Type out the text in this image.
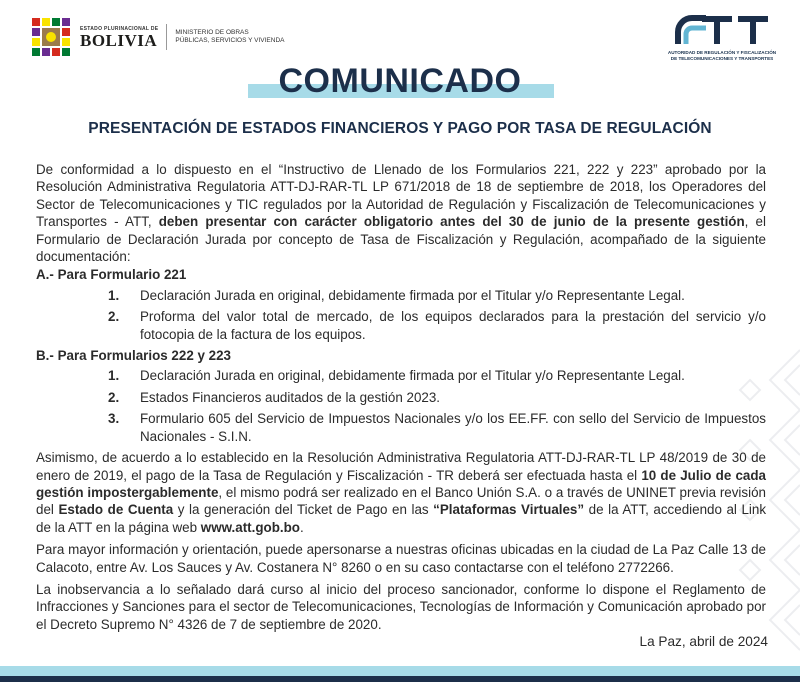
ESTADO PLURINACIONAL DE
BOLIVIA	MINISTERIO DE OBRAS
PÚBLICAS, SERVICIOS Y VIVIENDA
AUTORIDAD DE REGULACIÓN Y FISCALIZACIÓN
DE TELECOMUNICACIONES Y TRANSPORTES
COMUNICADO
PRESENTACIÓN DE ESTADOS FINANCIEROS Y PAGO POR TASA DE REGULACIÓN

De conformidad a lo dispuesto en el “Instructivo de Llenado de los Formularios 221, 222 y 223” aprobado por la Resolución Administrativa Regulatoria ATT-DJ-RAR-TL LP 671/2018 de 18 de septiembre de 2018, los Operadores del Sector de Telecomunicaciones y TIC regulados por la Autoridad de Regulación y Fiscalización de Telecomunicaciones y Transportes - ATT, deben presentar con carácter obligatorio antes del 30 de junio de la presente gestión, el Formulario de Declaración Jurada por concepto de Tasa de Fiscalización y Regulación, acompañado de la siguiente documentación:

A.- Para Formulario 221
1.	Declaración Jurada en original, debidamente firmada por el Titular y/o Representante Legal.
2.	Proforma del valor total de mercado, de los equipos declarados para la prestación del servicio y/o fotocopia de la factura de los equipos.
B.- Para Formularios 222 y 223
1.	Declaración Jurada en original, debidamente firmada por el Titular y/o Representante Legal.
2.	Estados Financieros auditados de la gestión 2023.
3.	Formulario 605 del Servicio de Impuestos Nacionales y/o los EE.FF. con sello del Servicio de Impuestos Nacionales - S.I.N.

Asimismo, de acuerdo a lo establecido en la Resolución Administrativa Regulatoria ATT-DJ-RAR-TL LP 48/2019 de 30 de enero de 2019, el pago de la Tasa de Regulación y Fiscalización - TR deberá ser efectuada hasta el 10 de Julio de cada gestión impostergablemente, el mismo podrá ser realizado en el Banco Unión S.A. o a través de UNINET previa revisión del Estado de Cuenta y la generación del Ticket de Pago en las “Plataformas Virtuales” de la ATT, accediendo al Link de la ATT en la página web www.att.gob.bo.

Para mayor información y orientación, puede apersonarse a nuestras oficinas ubicadas en la ciudad de La Paz Calle 13 de Calacoto, entre Av. Los Sauces y Av. Costanera N° 8260 o en su caso contactarse con el teléfono 2772266.

La inobservancia a lo señalado dará curso al inicio del proceso sancionador, conforme lo dispone el Reglamento de Infracciones y Sanciones para el sector de Telecomunicaciones, Tecnologías de Información y Comunicación aprobado por el Decreto Supremo N° 4326 de 7 de septiembre de 2020.

La Paz, abril de 2024
